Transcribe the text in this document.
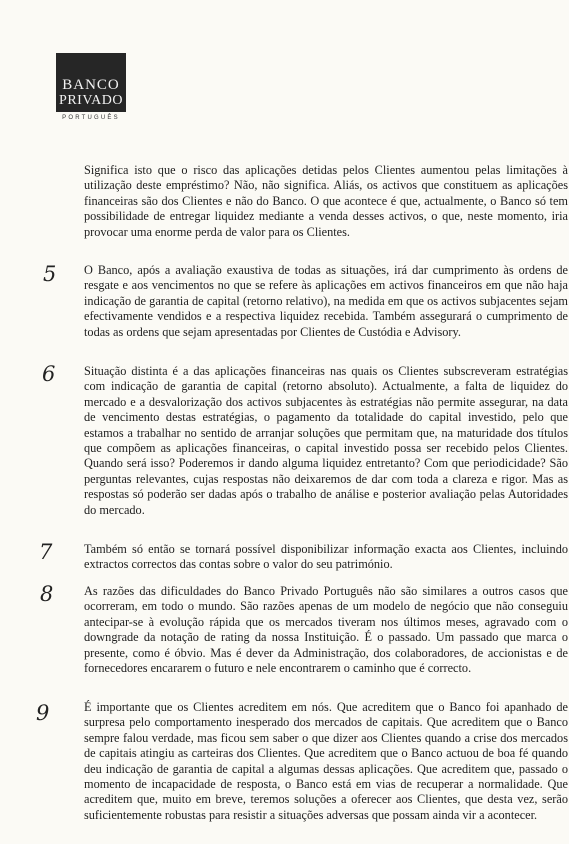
BANCO
PRIVADO
PORTUGUÊS
Significa isto que o risco das aplicações detidas pelos Clientes aumentou pelas limitações à utilização deste empréstimo? Não, não significa. Aliás, os activos que constituem as aplicações financeiras são dos Clientes e não do Banco. O que acontece é que, actualmente, o Banco só tem possibilidade de entregar liquidez mediante a venda desses activos, o que, neste momento, iria provocar uma enorme perda de valor para os Clientes.
5 O Banco, após a avaliação exaustiva de todas as situações, irá dar cumprimento às ordens de resgate e aos vencimentos no que se refere às aplicações em activos financeiros em que não haja indicação de garantia de capital (retorno relativo), na medida em que os activos subjacentes sejam efectivamente vendidos e a respectiva liquidez recebida. Também assegurará o cumprimento de todas as ordens que sejam apresentadas por Clientes de Custódia e Advisory.
6 Situação distinta é a das aplicações financeiras nas quais os Clientes subscreveram estratégias com indicação de garantia de capital (retorno absoluto). Actualmente, a falta de liquidez do mercado e a desvalorização dos activos subjacentes às estratégias não permite assegurar, na data de vencimento destas estratégias, o pagamento da totalidade do capital investido, pelo que estamos a trabalhar no sentido de arranjar soluções que permitam que, na maturidade dos títulos que compõem as aplicações financeiras, o capital investido possa ser recebido pelos Clientes. Quando será isso? Poderemos ir dando alguma liquidez entretanto? Com que periodicidade? São perguntas relevantes, cujas respostas não deixaremos de dar com toda a clareza e rigor. Mas as respostas só poderão ser dadas após o trabalho de análise e posterior avaliação pelas Autoridades do mercado.
7	Também só então se tornará possível disponibilizar informação exacta aos Clientes, incluindo extractos correctos das contas sobre o valor do seu património.
8 As razões das dificuldades do Banco Privado Português não são similares a outros casos que ocorreram, em todo o mundo. São razões apenas de um modelo de negócio que não conseguiu antecipar-se à evolução rápida que os mercados tiveram nos últimos meses, agravado com o downgrade da notação de rating da nossa Instituição. É o passado. Um passado que marca o presente, como é óbvio. Mas é dever da Administração, dos colaboradores, de accionistas e de fornecedores encararem o futuro e nele encontrarem o caminho que é correcto.
9	É importante que os Clientes acreditem em nós. Que acreditem que o Banco foi apanhado de surpresa pelo comportamento inesperado dos mercados de capitais. Que acreditem que o Banco sempre falou verdade, mas ficou sem saber o que dizer aos Clientes quando a crise dos mercados de capitais atingiu as carteiras dos Clientes. Que acreditem que o Banco actuou de boa fé quando deu indicação de garantia de capital a algumas dessas aplicações. Que acreditem que, passado o momento de incapacidade de resposta, o Banco está em vias de recuperar a normalidade. Que acreditem que, muito em breve, teremos soluções a oferecer aos Clientes, que desta vez, serão suficientemente robustas para resistir a situações adversas que possam ainda vir a acontecer.
